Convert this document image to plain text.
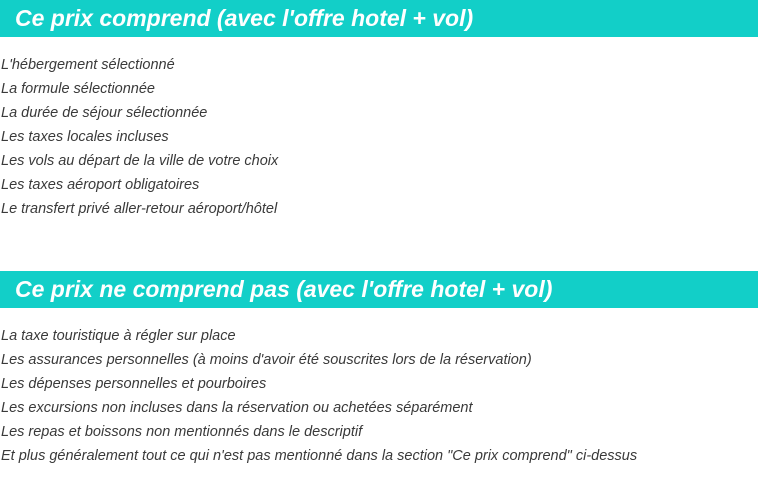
Ce prix comprend (avec l'offre hotel + vol)
L'hébergement sélectionné
La formule sélectionnée
La durée de séjour sélectionnée
Les taxes locales incluses
Les vols au départ de la ville de votre choix
Les taxes aéroport obligatoires
Le transfert privé aller-retour aéroport/hôtel
Ce prix ne comprend pas (avec l'offre hotel + vol)
La taxe touristique à régler sur place
Les assurances personnelles (à moins d'avoir été souscrites lors de la réservation)
Les dépenses personnelles et pourboires
Les excursions non incluses dans la réservation ou achetées séparément
Les repas et boissons non mentionnés dans le descriptif
Et plus généralement tout ce qui n'est pas mentionné dans la section "Ce prix comprend" ci-dessus
